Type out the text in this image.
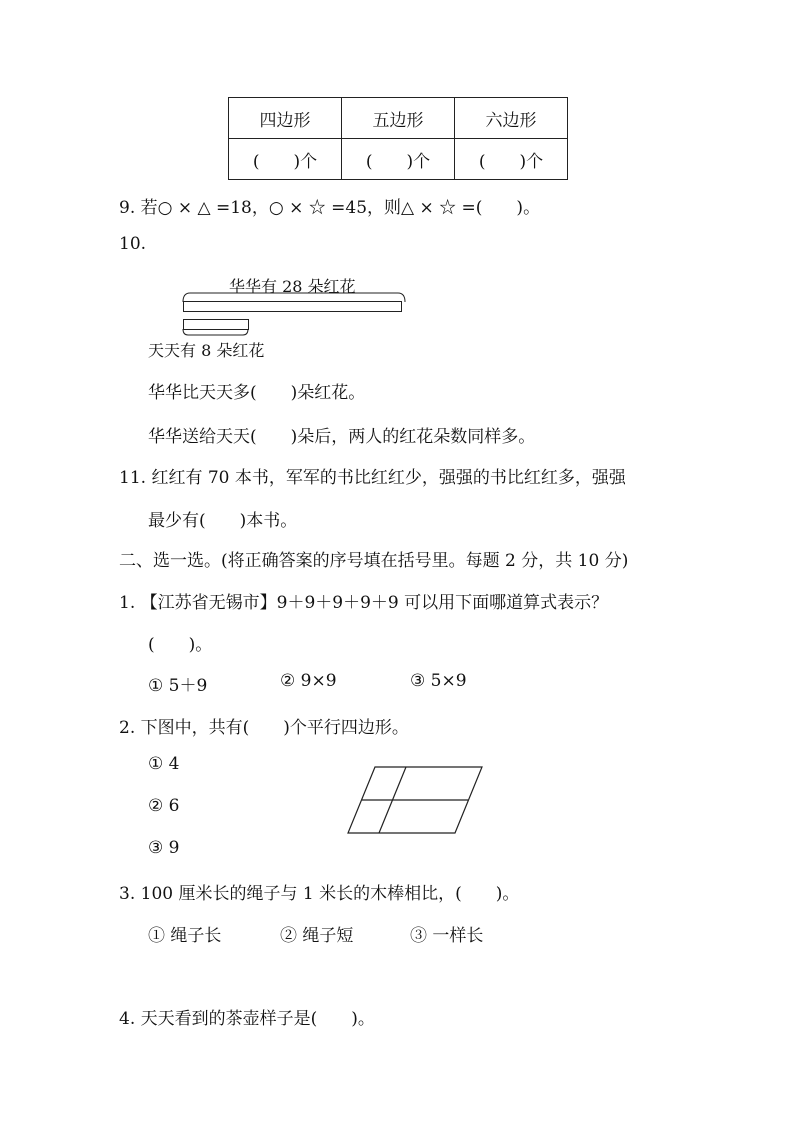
四边形	五边形	六边形
(　　)个	(　　)个	(　　)个
9. 若○ × △ =18，○ × ☆ =45，则△ × ☆ =(　　)。
10.
华华有 28 朵红花
天天有 8 朵红花
华华比天天多(　　)朵红花。
华华送给天天(　　)朵后，两人的红花朵数同样多。
11. 红红有 70 本书，军军的书比红红少，强强的书比红红多，强强
最少有(　　)本书。
二、选一选。(将正确答案的序号填在括号里。每题 2 分，共 10 分)
1. 【江苏省无锡市】9＋9＋9＋9＋9 可以用下面哪道算式表示？
(　　)。
① 5＋9	② 9×9	③ 5×9
2. 下图中，共有(　　)个平行四边形。
① 4
② 6
③ 9
3. 100 厘米长的绳子与 1 米长的木棒相比，(　　)。
① 绳子长	② 绳子短	③ 一样长
4. 天天看到的茶壶样子是(　　)。
